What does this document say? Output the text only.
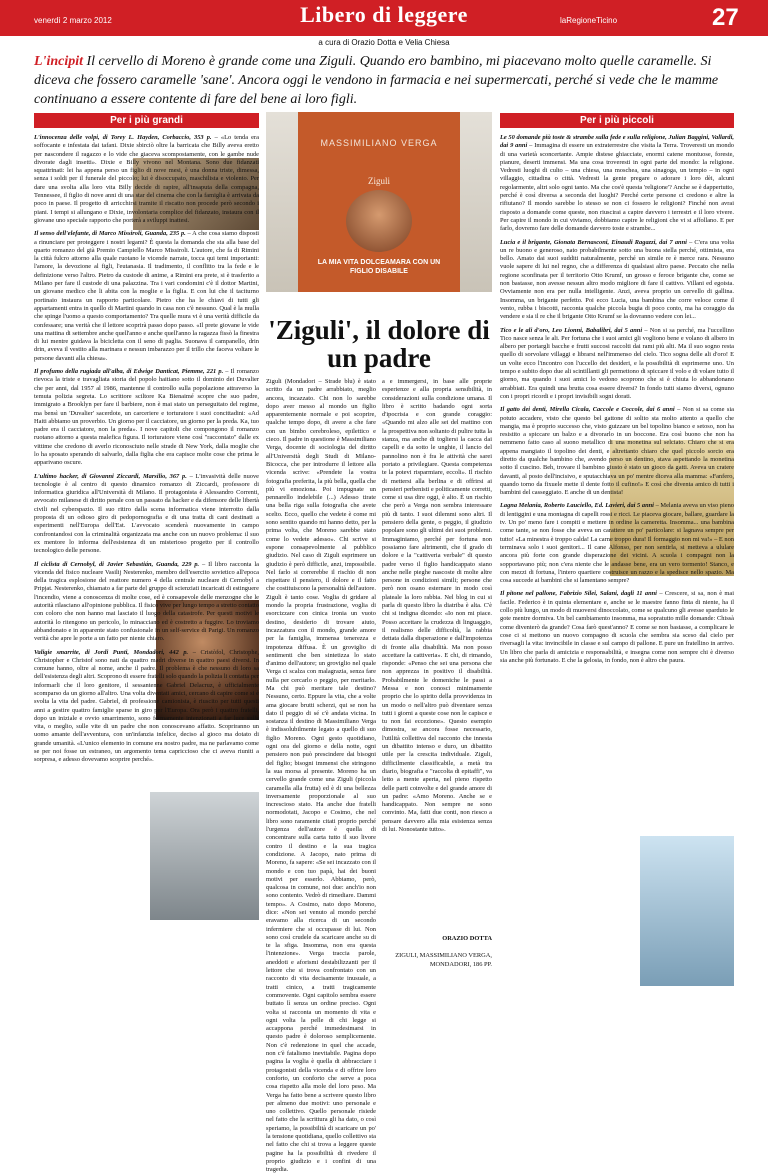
venerdì 2 marzo 2012	Libero di leggere	laRegioneTicino	27
a cura di Orazio Dotta e Velia Chiesa
L'incipit Il cervello di Moreno è grande come una Ziguli. Quando ero bambino, mi piacevano molto quelle caramelle. Si diceva che fossero caramelle 'sane'. Ancora oggi le vendono in farmacia e nei supermercati, perché si vede che le mamme continuano a essere contente di fare del bene ai loro figli.
Per i più grandi	Per i più piccoli

L'innocenza delle volpi, di Torey L. Hayden, Corbaccio, 353 p. – «Lo tenda era soffocante e infestata dai tafani. Dixie sbirciò oltre la barricata che Billy aveva eretto per nascondere il ragazzo e lo vide che giaceva scompostamente, con le gambe nude divorate dagli insetti». Dixie e Billy vivono nel Montana. Sono due fidanzati squattrinati: lei ha appena perso un figlio di nove mesi, è una donna triste, dimessa, senza i soldi per il funerale del piccolo; lui è disoccupato, maschilista e violento. Per dare una svolta alla loro vita Billy decide di rapire, all'insaputa della compagna, Tennessee, il figlio di nove anni di una star del cinema che con la famiglia è arrivata da poco in paese. Il progetto di arricchirsi tramite il riscatto non procede però secondo i piani. I tempi si allungano e Dixie, involontaria complice del fidanzato, instaura con il giovane uno speciale rapporto che porterà a sviluppi inattesi.

Il senso dell'elefante, di Marco Missiroli, Guanda, 235 p. – A che cosa siamo disposti a rinunciare per proteggere i nostri legami? È questa la domanda che sta alla base del quarto romanzo del già Premio Campiello Marco Missiroli. L'autore, che fa di Rimini la città fulcro attorno alla quale ruotano le vicende narrate, tocca qui temi importanti: l'amore, la devozione al figli, l'eutanasia. Il tradimento, il conflitto tra la fede e le definizione verso l'altro. Pietro da custode di anime, a Rimini era prete, si è trasferito a Milano per fare il custode di una palazzina. Tra i vari condomini c'è il dottor Martini, un giovane medico che li abita con la moglie e la figlia. E con lui che il taciturno portinaio instaura un rapporto particolare. Pietro che ha le chiavi di tutti gli appartamenti entra in quello di Martini quando in casa non c'è nessuno. Qual è la mulla che spinge l'uomo a questo comportamento? Tra quelle mura vi è una verità difficile da confessare; una verità che il lettore scoprirà passo dopo passo. «Il prete giovane le vide una mattina di settembre anche quell'anno e anche quell'anno la ragazza fissò la finestra di lui mentre guidava la bicicletta con il seno di paglia. Suonava il campanello, drin drin, aveva il vestito alla marinara e nessun imbarazzo per il trillo che faceva voltare le persone davanti alla chiesa».

Il profumo della rugiada all'alba, di Edwige Danticat, Piemme, 221 p. – Il romanzo rievoca la triste e travagliata storia del popolo haitiano sotto il dominio dei Duvalier che per anni, dal 1957 al 1986, mantenne il controllo sulla popolazione attraverso la temuta polizia segreta. Lo scrittore sciltore Ka Bienaimé scopre che suo padre, immigrato a Brooklyn per fare il barbiere, non è mai stato un perseguitato del regime, ma bensì un 'Duvalier' sacerdote, un carceriere e torturatore i suoi concittadini: «Ad Haiti abbiamo un proverbio. Un giorno per il cacciatore, un giorno per la preda. Ka, tuo padre era il cacciatore, non la preda». I nove capitoli che compongono il romanzo ruotano attorno a questa malefica figura. Il torturatore viene così "raccontato" dalle ex vittime che credono di averlo riconosciuto nelle strade di New York, dalla moglie che lo ha sposato sperando di salvarlo, dalla figlia che era capisce molte cose che prima le apparivano oscure.

L'ultimo hacker, di Giovanni Ziccardi, Marsilio, 367 p. – L'invasività delle nuove tecnologie è al centro di questo dinamico romanzo di Ziccardi, professore di informatica giuridica all'Università di Milano. Il protagonista è Alessandro Correnti, avvocato milanese di diritto penale con un passato da hacker e da difensore delle libertà civili nel cyberspazio. Il suo ritiro dalla scena informatica viene interrotto dalla proposta di un odioso giro di pedopornografia e di una tratta di cani destinati a esperimenti nell'Europa dell'Est. L'avvocato scenderà nuovamente in campo confrontandosi con la criminalità organizzata ma anche con un nuovo problema: il suo ex mentore lo informa dell'esistenza di un misterioso progetto per il controllo tecnologico delle persone.

Il ciclista di Cernobyl, di Javier Sebastián, Guanda, 229 p. – Il libro racconta la vicenda del fisico nucleare Vasilij Nesterenko, membro dell'esercito sovietico all'epoca della tragica esplosione del reattore numero 4 della centrale nucleare di Cernobyl a Pripjat. Nesterenko, chiamato a far parte del gruppo di scienziati incaricati di estinguere l'incendio, viene a conoscenza di molte cose, ed è consapevole delle menzogne che le autorità rilasciano all'opinione pubblica. Il fisico vive per lungo tempo a stretto contatto con coloro che non hanno mai lasciato il luogo della catastrofe. Per questi motivi le autorità lo ritengono un pericolo, lo minacciano ed è costretto a fuggire. Lo troviamo abbandonato e in apparente stato confusionale in un self-service di Parigi. Un romanzo verità che apre le porte a un fatto per niente chiaro.

Valigie smarrite, di Jordi Punti, Mondadori, 442 p. – Cristòfol, Christophe, Christopher e Christof sono nati da quattro madri diverse in quattro paesi diversi. In comune hanno, oltre al nome, anche il padre. Il problema è che nessuno di loro sa dell'esistenza degli altri. Scoprono di essere fratelli solo quando la polizia li contatta per informarli che il loro genitore, il sessantenne Gabriel Delacruz, è ufficialmente scomparso da un giorno all'altro. Una volta diventati amici, cercano di capire come si è svolta la vita del padre. Gabriel, di professione camionista, è riuscito per tutti questi anni a gestire quattro famiglie sparse in giro per l'Europa. Ora però i quattro fratelli, dopo un iniziale e ovvio smarrimento, sono fermamente intenzionati a far luce sulla vita, o meglio, sulle vite di un padre che non conoscevano affatto. Scopriranno un uomo amante dell'avventura, con un'infanzia infelice, deciso al gioco ma dotato di grande umanità. «L'unico elemento in comune era nostro padre, ma ne parlavamo come se per noi fosse un estraneo, un argomento tema capriccioso che ci aveva riuniti a sorpresa, e adesso dovevamo scoprire perché».

MASSIMILIANO VERGA
Ziguli
LA MIA VITA DOLCEAMARA CON UN FIGLIO DISABILE
'Ziguli', il dolore di un padre

Ziguli (Mondadori – Strade blu) è stato scritto da un padre arrabbiato, meglio ancora, incazzato. Chi non lo sarebbe dopo aver messo al mondo un figlio apparentemente normale e poi scoprire, qualche tempo dopo, di avere a che fare con un bimbo cerebroleso, epilettico e cieco. Il padre in questione è Massimiliano Verga, docente di sociologia del diritto all'Università degli Studi di Milano-Bicocca, che per introdurre il lettore alla vicenda scrive: «Prendete la vostra fotografia preferita, la più bella, quella che più vi emoziona. Poi impugnate un pennarello indelebile (...) Adesso tirate una bella riga sulla fotografia che avete scelto. Ecco, quello che vedete è come mi sono sentito quando mi hanno detto, per la prima volta, che Moreno sarebbe stato come lo vedete adesso». Chi scrive si espone consapevolmente al pubblico giudizio. Nel caso di Ziguli esprimere un giudizio è però difficile, anzi, impossibile. Nel farlo si correrebbe il rischio di non rispettare il pensiero, il dolore e il fatto che costituiscono la personalità dell'autore. Ziguli è tanto cose. Voglia di gridare al mondo la propria frustrazione, voglia di esorcizzare con cinica ironia un vuoto destino, desiderio di trovare aiuto, incazzatura con il mondo, grande amore per la famiglia, immensa tenerezza e impotenza diffusa. È un groviglio di sentimenti che ben sintetizza lo stato d'animo dell'autore; un groviglio nel quale Verga ci scalza con malagrazia, senza fare nulla per cercarlo o peggio, per meritarlo. Ma chi può meritare tale destino? Nessuno, certo. Eppure la vita, che a volte ama giocare brutti scherzi, qui se non ha dato il peggio di sé c'è andata vicina. In sostanza il destino di Massimiliano Verga è indissolubilmente legato a quello di suo figlio Moreno. Ogni gesto quotidiano, ogni ora del giorno e della notte, ogni pensiero non può prescindere dai bisogni del figlio; bisogni immensi che stringono la sua morsa al presente. Moreno ha un cervello grande come una Ziguli (piccola caramella alla frutta) ed è di una bellezza inversamente proporzionale al suo increscioso stato. Ha anche due fratelli normodotati, Jacopo e Cosimo, che nel libro sono raramente citati proprio perché l'urgenza dell'autore è quella di concentrare sulla carta tutto il suo livore contro il destino e la sua tragica condizione. A Jacopo, nato prima di Moreno, fa sapere: «Se sei incazzato con il mondo e con tuo papà, hai dei buoni motivi per esserlo. Abbiamo, però, qualcosa in comune, noi due: anch'io non sono contento. Vedrò di rimediare. Dammi tempo». A Cosimo, nato dopo Moreno, dice: «Non sei venuto al mondo perché eravamo alla ricerca di un secondo infermiere che si occupasse di lui. Non sono così crudele da scaricare anche su di te la sfiga. Insomma, non era questa l'intenzione». Verga traccia parole, aneddoti e aforismi destabilizzanti per il lettore che si trova confrontato con un racconto di vita decisamente inusuale, a tratti cinico, a tratti tragicamente commovente. Ogni capitolo sembra essere buttato lì senza un ordine preciso. Ogni volta si racconta un momento di vita e ogni volta la pelle di chi legge si accapponа perché immedesimarsi in questo padre è doloroso semplicemente. Non c'è redenzione in quel che accade, non c'è fatalismo inevitabile. Pagina dopo pagina la voglia è quella di abbracciare i protagonisti della vicenda e di offrire loro conforto, un conforto che serve a poca cosa rispetto alla mole del loro peso. Ma Verga ha fatto bene a scrivere questo libro per almeno due motivi: uno personale e uno collettivo. Quello personale risiede nel fatto che la scrittura gli ha dato, o così speriamo, la possibilità di scaricare un po' la tensione quotidiana, quello collettivo sta nel fatto che chi si trova a leggere queste pagine ha la possibilità di rivedere il proprio giudizio e i confini di una tragedia.

a e immergersi, in base alle proprie esperienze e alla propria sensibilità, in considerazioni sulla condizione umana. Il libro è scritto badando ogni sorta d'ipocrisia e con grande coraggio: «Quando mi alzo alle sei del mattino con la prospettiva non soltanto di pulire tutta la stanza, ma anche di togliersi la cacca dai capelli e da sotto le unghie, il lancio del pannolino non è fra le attività che sarei portato a privilegiare. Questa competenza te la potevi risparmiare, eccoli». Il rischio di mettersi alla berlina e di offrirsi ai pensieri perbenisti e politicamente corretti, come si usa dire oggi, è alto. È un rischio che però a Verga non sembra interessare più di tanto. I suoi dilemmi sono altri. Il pensiero della gente, o peggio, il giudizio popolare sono gli ultimi dei suoi problemi. Immaginiamo, perché per fortuna non possiamo fare altrimenti, che il grado di dolore e la "cattiveria verbale" di questo padre verso il figlio handicappato siano anche nelle pieghe nascoste di molte altre persone in condizioni simili; persone che però non osano esternare in modo così plateale la loro rabbia. Nel blog in cui si parla di questo libro la diatriba è alta. C'è chi si indigna dicendo: «Io non mi piace. Posso accettare la crudezza di linguaggio, il realismo delle difficoltà, la rabbia dettata dalla disperazione e dall'impotenza di fronte alla disabilità. Ma non posso accettare la cattiveria». E chi, di rimando, risponde: «Penso che sei una persona che non apprezza in positivo il disabilità. Probabilmente le domeniche le passi a Messa e non conosci minimamente proprio che lo spirito della provvidenza in un modo o nell'altro può diventare senza tutti i giorni a queste cose non le capisce e tu non fai eccezione». Questo esempio dimostra, se ancora fosse necessario, l'utilità collettiva del racconto che innesta un dibattito intenso e duro, un dibattito utile per la crescita individuale. Ziguli, difficilmente classificabile, a metà tra diario, biografia e "raccolta di epitaffi", va letto a mente aperta, nel pieno rispetto delle parti coinvolte e del grande amore di un padre: «Amo Moreno. Anche se e handicappato. Non sempre ne sono convinto. Ma, fatti due conti, non riesco a pensare davvero alla mia esistenza senza di lui. Nonostante tutto».

ORAZIO DOTTA
ZIGULI, MASSIMILIANO VERGA, MONDADORI, 186 PP.

Le 50 domande più toste & strambe sulla fede e sulla religione, Julian Baggini, Vallardi, dai 9 anni – Immagina di essere un extraterrestre che visita la Terra. Troveresti un mondo di una varietà sconcertante. Ampie distese ghiacciate, enormi catene montuose, foreste, pianure, deserti immensi. Ma una cosa troveresti in ogni parte del mondo: la religione. Vedresti luoghi di culto – una chiesa, una moschea, una sinagoga, un tempio – in ogni villaggio, cittadina o città. Vedresti la gente pregare o adorare i loro dèi, alcuni regolarmente, altri solo ogni tanto. Ma che cos'è questa 'religione'? Anche se è dappertutto, perché è così diversa a seconda dei luoghi? Perché certe persone ci credono e altre la rifiutano? Il mondo sarebbe lo stesso se non ci fossero le religioni? Finché non avrai risposto a domande come queste, non riuscirai a capire davvero i terrestri e il loro vivere. Per capire il mondo in cui viviamo, dobbiamo capire le religioni che vi si affollano. E per farlo, dovremo fare delle domande davvero toste e strambe...

Lucia e il brigante, Gionata Bernasconi, Einaudi Ragazzi, dai 7 anni – C'era una volta un re buono e generoso, nato probabilmente sotto una buona stella perché, ottimista, era bello. Amato dai suoi sudditi naturalmente, perché un simile re è merce rara. Nessuno vuole sapere di lui nel regno, che a differenza di qualsiasi altro paese. Peccato che nella regione sconfinata per il territorio Otto Krumf, un grosso e feroce brigante che, come se non bastasse, non avesse nessun altro modo migliore di fare il cattivo. Villani ed egoista. Ovviamente non era per nulla intelligente. Anzi, aveva proprio un cervello di gallina. Insomma, un brigante perfetto. Poi ecco Lucia, una bambina che corre veloce come il vento, rubba i biscotti, racconta qualche piccola bugia di poco conto, ma ha coraggio da vendere e sia il re che il brigante Otto Krumf se la dovranno vedere con lei...

Tico e le ali d'oro, Leo Lionni, Babalibri, dai 5 anni – Non si sa perché, ma l'uccellino Tico nasce senza le ali. Per fortuna che i suoi amici gli vogliono bene e volano di albero in albero per portargli bacche e frutti succosi raccolti dai rami più alti. Ma il suo sogno resta quello di sorvolare villaggi e librarsi nell'immenso del cielo. Tico sogna delle ali d'oro! E un volte ecco l'incontro con l'uccello dei desideri, e la possibilità di esprimerne uno. Un tempo e subito dopo due ali scintillanti gli permettono di spiccare il volo e di volare tutto il giorno, ma quando i suoi amici lo vedono scoprono che si è chiuta lo abbandonano arrabbiati. Era quindi una brutta cosa essere diversi? In fondo tutti siamo diversi, ognuno con i propri ricordi e i propri invisibili sogni dorati.

Il gatto dei denti, Mirella Cicala, Caccole e Coccole, dai 6 anni – Non si sa come sia potuto accadere, visto che questo bel gattone di solito sta molto attento a quello che mangia, ma è proprio successo che, visto guizzare un bel topolino bianco e setoso, non ha resistito a spiccare un balzo e a divorarlo in un boccone. Era così buono che non ha nemmeno fatto caso al suono metallico di una monetina sul selciato. Chiaro che si era appena mangiato il topolino dei denti, e altrettanto chiaro che quel piccolo sorcio era diretto da qualche bambino che, avendo perso un dentino, stava aspettando la monetina sotto il cuscino. Beh, trovare il bambino giusto è stato un gioco da gatti. Aveva un cratere davanti, al posto dell'incisivo, e sputacchiava un po' mentre diceva alla mamma: «Fanfero, quando torno da fixuele mette il dente fotto il cufino!» E così che diventa amico di tutti i bambini del casseggiato. E anche di un dentista!

Lagna Melania, Roberto Lauciello, Ed. Lavieri, dai 5 anni – Melania aveva un viso pieno di lentiggini e una montagna di capelli rossi e ricci. Le piaceva giocare, ballare, guardare la tv. Un po' meno fare i compiti e mettere in ordine la cameretta. Insomma... una bambina come tante, se non fosse che aveva un carattere un po' particolare: si lagnava sempre per tutto! «La minestra è troppo calda! La carne troppo dura! Il formaggio non mi va!» – E non terminava solo i suoi genitori... Il cane Alfonso, per non sentirla, si metteva a ululare ancora più forte con grande disperazione dei vicini. A scuola i compagni non la sopportavano più; non c'era niente che le andasse bene, era un vero tormento! Stanco, e con mezzi di fortuna, l'intero quartiere costruisce un razzo e la spedisce nello spazio. Ma cosa succede ai bambini che si lamentano sempre?

Il pitone nel pallone, Fabrizio Silei, Salani, dagli 11 anni – Crescere, si sa, non è mai facile. Federico è in quinta elementare e, anche se le maestre fanno finta di niente, ha il collo più lungo, un modo di muoversi dinoccolato, come se qualcuno gli avesse sparduto le gote mentre dormiva. Un bel cambiamento insomma, ma sopratutto mille domande: Chissà come diventerò da grande? Cosa farò quest'anno? E come se non bastasse, a complicare le cose ci si mettono un nuovo compagno di scuola che sembra sia sceso dal cielo per riversagli la vita: invincibile in classe e sul campo di pallone. E pure un fratellino in arrivo. Un libro che parla di amicizia e responsabilità, e insegna come non sempre chi è diverso sia anche più fortunato. E che la gelosia, in fondo, non è altro che paura.
